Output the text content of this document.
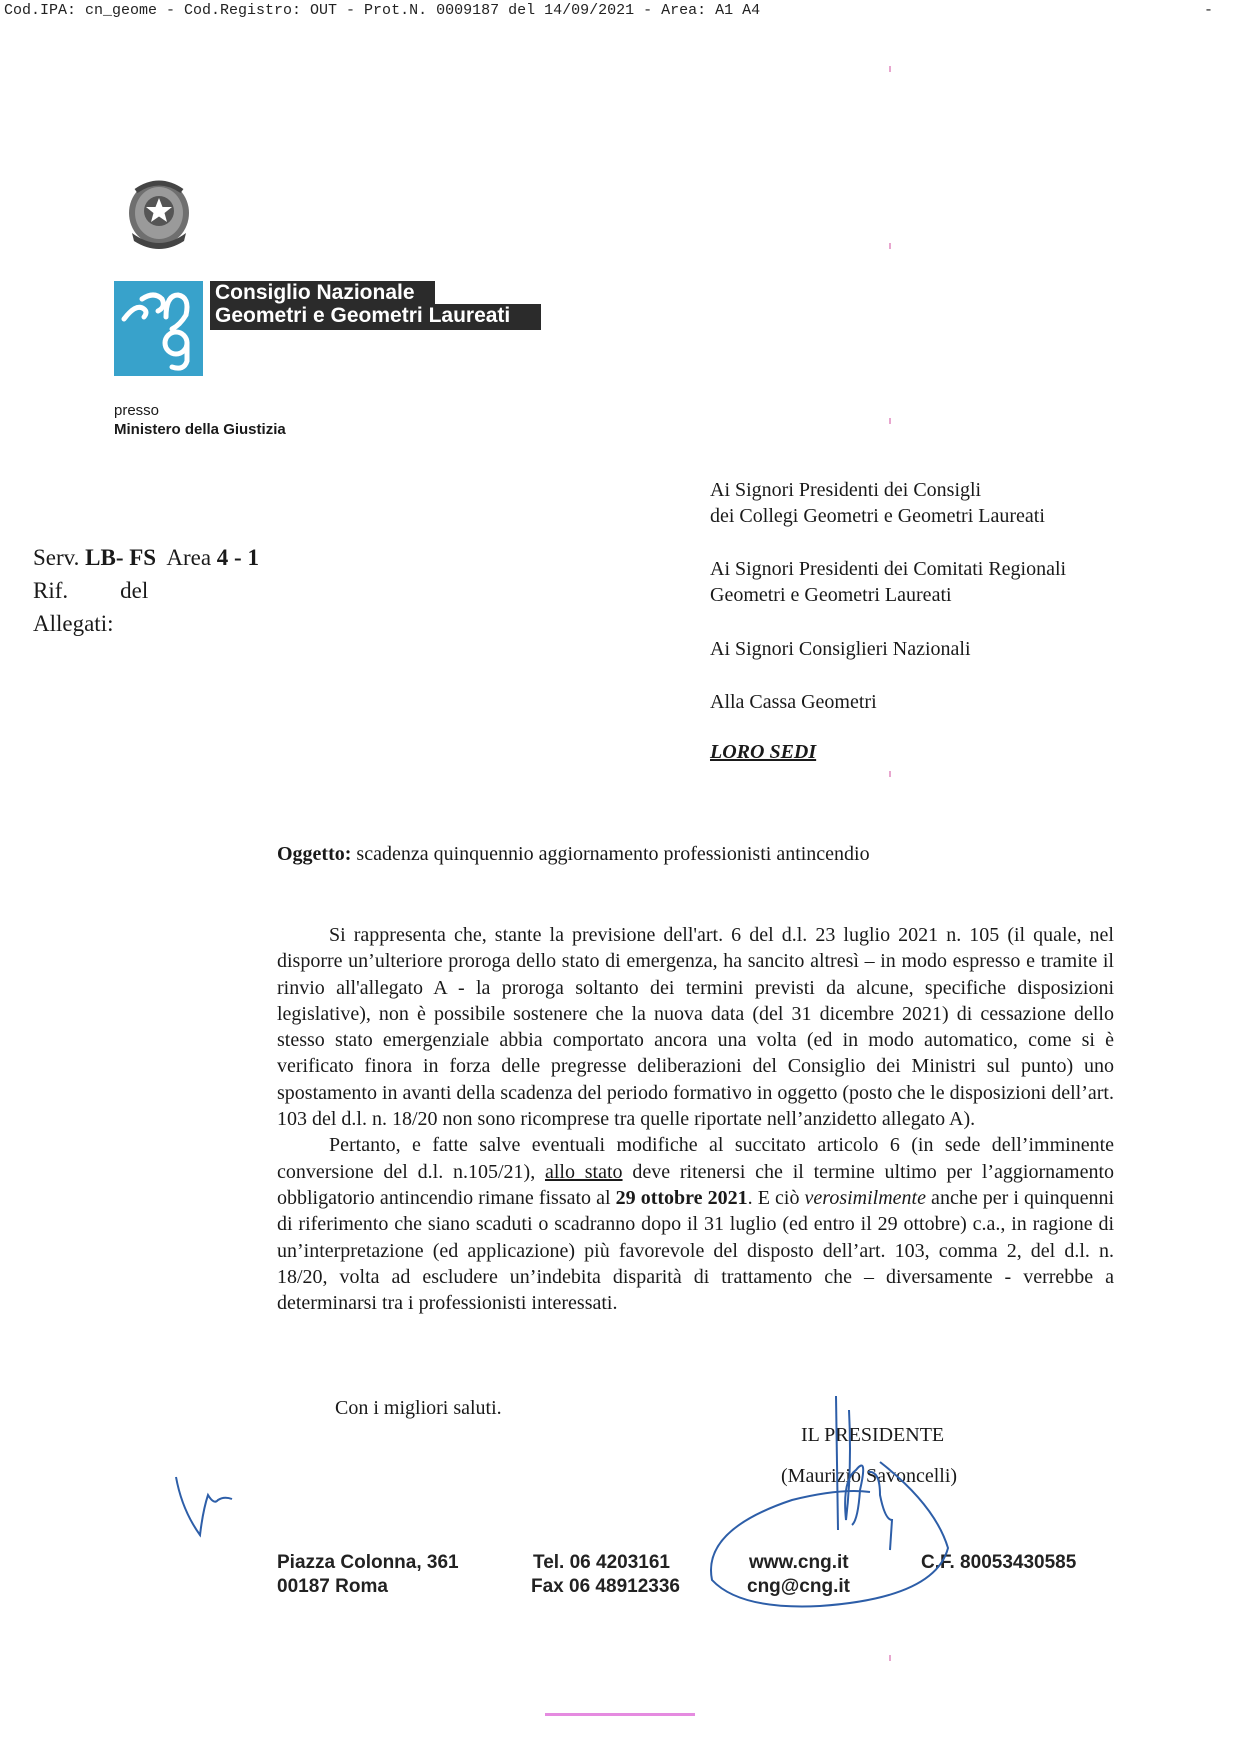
Cod.IPA: cn_geome - Cod.Registro: OUT - Prot.N. 0009187 del 14/09/2021 - Area: A1 A4	-
Consiglio Nazionale
Geometri e Geometri Laureati
presso
Ministero della Giustizia
Ai Signori Presidenti dei Consigli
dei Collegi Geometri e Geometri Laureati
Ai Signori Presidenti dei Comitati Regionali
Geometri e Geometri Laureati
Ai Signori Consiglieri Nazionali
Alla Cassa Geometri
LORO SEDI
Serv. LB- FS Area 4 - 1
Rif. del
Allegati:
Oggetto: scadenza quinquennio aggiornamento professionisti antincendio

Si rappresenta che, stante la previsione dell'art. 6 del d.l. 23 luglio 2021 n. 105 (il quale, nel disporre un’ulteriore proroga dello stato di emergenza, ha sancito altresì – in modo espresso e tramite il rinvio all'allegato A - la proroga soltanto dei termini previsti da alcune, specifiche disposizioni legislative), non è possibile sostenere che la nuova data (del 31 dicembre 2021) di cessazione dello stesso stato emergenziale abbia comportato ancora una volta (ed in modo automatico, come si è verificato finora in forza delle pregresse deliberazioni del Consiglio dei Ministri sul punto) uno spostamento in avanti della scadenza del periodo formativo in oggetto (posto che le disposizioni dell’art. 103 del d.l. n. 18/20 non sono ricomprese tra quelle riportate nell’anzidetto allegato A).

Pertanto, e fatte salve eventuali modifiche al succitato articolo 6 (in sede dell’imminente conversione del d.l. n.105/21), allo stato deve ritenersi che il termine ultimo per l’aggiornamento obbligatorio antincendio rimane fissato al 29 ottobre 2021. E ciò verosimilmente anche per i quinquenni di riferimento che siano scaduti o scadranno dopo il 31 luglio (ed entro il 29 ottobre) c.a., in ragione di un’interpretazione (ed applicazione) più favorevole del disposto dell’art. 103, comma 2, del d.l. n. 18/20, volta ad escludere un’indebita disparità di trattamento che – diversamente - verrebbe a determinarsi tra i professionisti interessati.

Con i migliori saluti.
IL PRESIDENTE
(Maurizio Savoncelli)
Piazza Colonna, 361
00187 Roma
Tel. 06 4203161
Fax 06 48912336
www.cng.it
cng@cng.it
C.F. 80053430585
